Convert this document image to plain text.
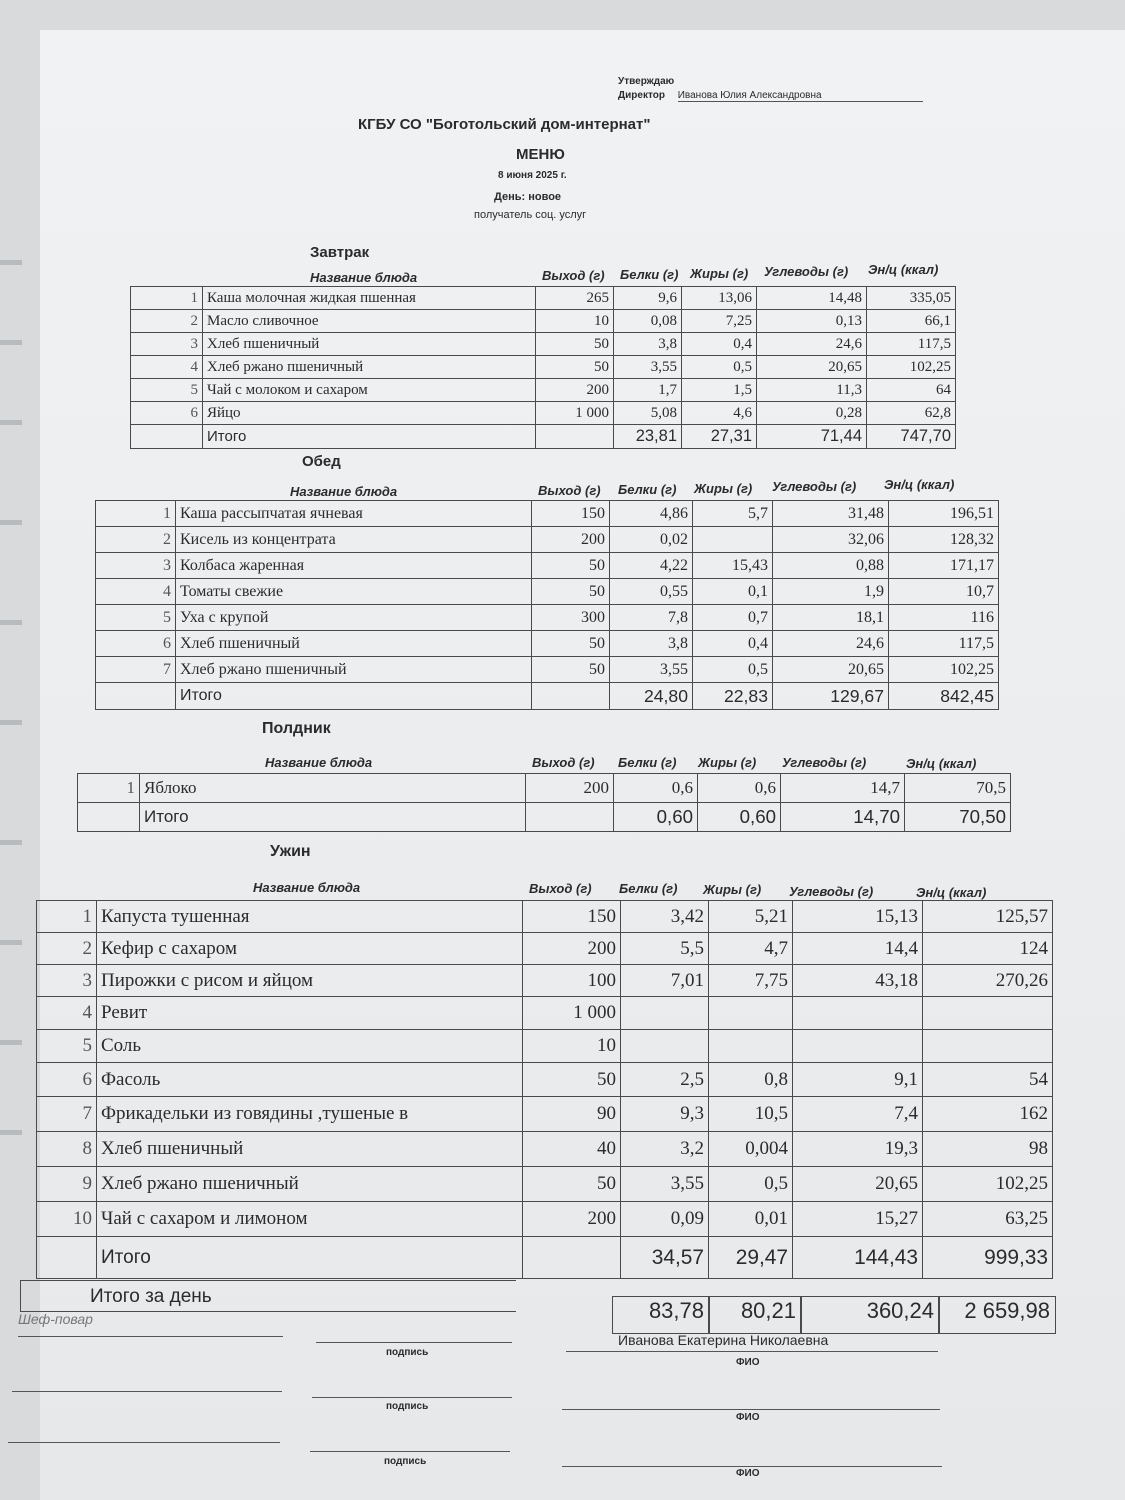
Утверждаю
Директор Иванова Юлия Александровна
КГБУ СО "Боготольский дом-интернат"
МЕНЮ
8 июня 2025 г.
День: новое
получатель соц. услуг
Завтрак
Название блюда	Выход (г) Белки (г) Жиры (г) Углеводы (г) Эн/ц (ккал)
1	Каша молочная жидкая пшенная	265	9,6	13,06	14,48	335,05
2	Масло сливочное	10	0,08	7,25	0,13	66,1
3	Хлеб пшеничный	50	3,8	0,4	24,6	117,5
4	Хлеб ржано пшеничный	50	3,55	0,5	20,65	102,25
5	Чай с молоком и сахаром	200	1,7	1,5	11,3	64
6	Яйцо	1 000	5,08	4,6	0,28	62,8
	Итого		23,81	27,31	71,44	747,70
Обед
Название блюда	Выход (г) Белки (г) Жиры (г) Углеводы (г) Эн/ц (ккал)
1	Каша рассыпчатая ячневая	150	4,86	5,7	31,48	196,51
2	Кисель из концентрата	200	0,02		32,06	128,32
3	Колбаса жаренная	50	4,22	15,43	0,88	171,17
4	Томаты свежие	50	0,55	0,1	1,9	10,7
5	Уха с крупой	300	7,8	0,7	18,1	116
6	Хлеб пшеничный	50	3,8	0,4	24,6	117,5
7	Хлеб ржано пшеничный	50	3,55	0,5	20,65	102,25
	Итого		24,80	22,83	129,67	842,45
Полдник
Название блюда	Выход (г) Белки (г) Жиры (г) Углеводы (г)	Эн/ц (ккал)
1	Яблоко	200	0,6	0,6	14,7	70,5
	Итого		0,60	0,60	14,70	70,50
Ужин
Название блюда	Выход (г) Белки (г) Жиры (г) Углеводы (г)	Эн/ц (ккал)
1	Капуста тушенная	150	3,42	5,21	15,13	125,57
2	Кефир с сахаром	200	5,5	4,7	14,4	124
3	Пирожки с рисом и яйцом	100	7,01	7,75	43,18	270,26
4	Ревит	1 000				
5	Соль	10				
6	Фасоль	50	2,5	0,8	9,1	54
7	Фрикадельки из говядины ,тушеные в	90	9,3	10,5	7,4	162
8	Хлеб пшеничный	40	3,2	0,004	19,3	98
9	Хлеб ржано пшеничный	50	3,55	0,5	20,65	102,25
10	Чай с сахаром и лимоном	200	0,09	0,01	15,27	63,25
	Итого		34,57	29,47	144,43	999,33
Итого за день
83,78	80,21	360,24	2 659,98
Шеф-повар
Иванова Екатерина Николаевна
подпись
ФИО
подпись
ФИО
подпись
ФИО
